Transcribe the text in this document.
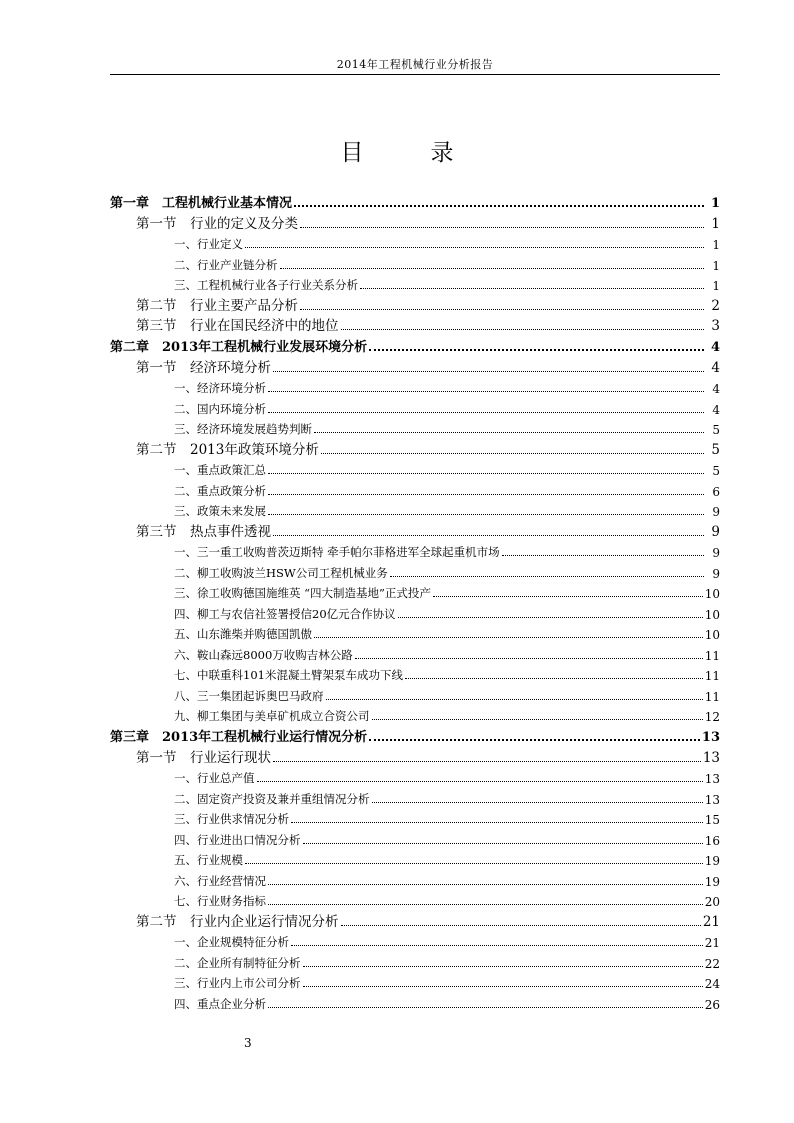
2014年工程机械行业分析报告
目　录
第一章　工程机械行业基本情况	1
第一节　行业的定义及分类	1
一、行业定义	1
二、行业产业链分析	1
三、工程机械行业各子行业关系分析	1
第二节　行业主要产品分析	2
第三节　行业在国民经济中的地位	3
第二章　2013年工程机械行业发展环境分析	4
第一节　经济环境分析	4
一、经济环境分析	4
二、国内环境分析	4
三、经济环境发展趋势判断	5
第二节　2013年政策环境分析	5
一、重点政策汇总	5
二、重点政策分析	6
三、政策未来发展	9
第三节　热点事件透视	9
一、三一重工收购普茨迈斯特 牵手帕尔菲格进军全球起重机市场	9
二、柳工收购波兰HSW公司工程机械业务	9
三、徐工收购德国施维英 “四大制造基地”正式投产	10
四、柳工与农信社签署授信20亿元合作协议	10
五、山东潍柴并购德国凯傲	10
六、鞍山森远8000万收购吉林公路	11
七、中联重科101米混凝土臂架泵车成功下线	11
八、三一集团起诉奥巴马政府	11
九、柳工集团与美卓矿机成立合资公司	12
第三章　2013年工程机械行业运行情况分析	13
第一节　行业运行现状	13
一、行业总产值	13
二、固定资产投资及兼并重组情况分析	13
三、行业供求情况分析	15
四、行业进出口情况分析	16
五、行业规模	19
六、行业经营情况	19
七、行业财务指标	20
第二节　行业内企业运行情况分析	21
一、企业规模特征分析	21
二、企业所有制特征分析	22
三、行业内上市公司分析	24
四、重点企业分析	26
3
